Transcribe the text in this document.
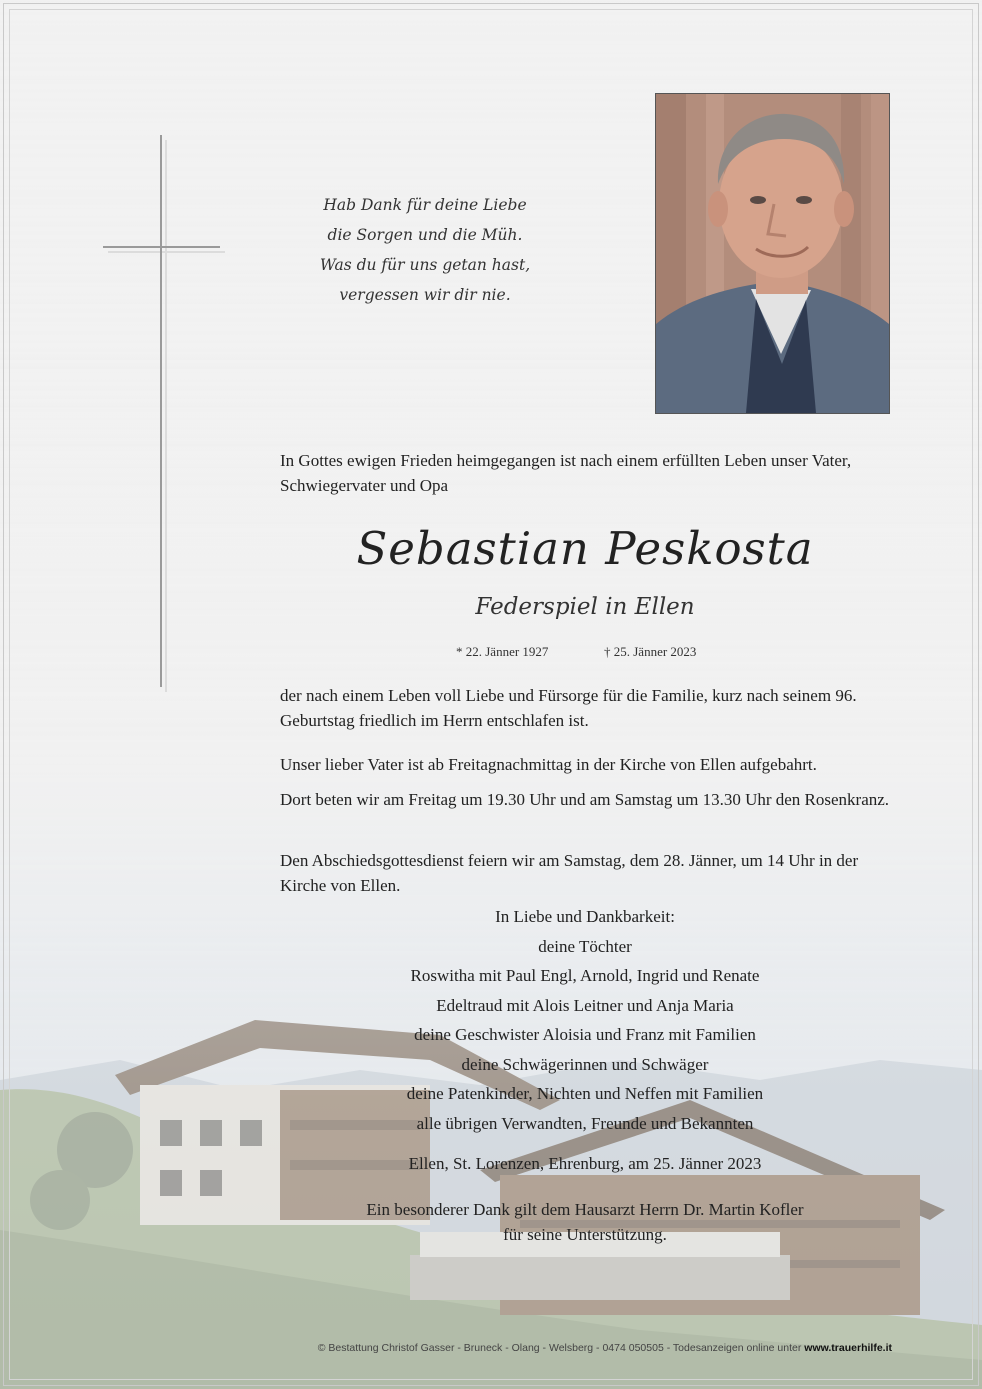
Hab Dank für deine Liebe
die Sorgen und die Müh.
Was du für uns getan hast,
vergessen wir dir nie.
In Gottes ewigen Frieden heimgegangen ist nach einem erfüllten Leben unser Vater, Schwiegervater und Opa
Sebastian Peskosta
Federspiel in Ellen
* 22. Jänner 1927	† 25. Jänner 2023
der nach einem Leben voll Liebe und Fürsorge für die Familie, kurz nach seinem 96. Geburtstag friedlich im Herrn entschlafen ist.
Unser lieber Vater ist ab Freitagnachmittag in der Kirche von Ellen aufgebahrt.
Dort beten wir am Freitag um 19.30 Uhr und am Samstag um 13.30 Uhr den Rosenkranz.
Den Abschiedsgottesdienst feiern wir am Samstag, dem 28. Jänner, um 14 Uhr in der Kirche von Ellen.
In Liebe und Dankbarkeit:
deine Töchter
Roswitha mit Paul Engl, Arnold, Ingrid und Renate
Edeltraud mit Alois Leitner und Anja Maria
deine Geschwister Aloisia und Franz mit Familien
deine Schwägerinnen und Schwäger
deine Patenkinder, Nichten und Neffen mit Familien
alle übrigen Verwandten, Freunde und Bekannten
Ellen, St. Lorenzen, Ehrenburg, am 25. Jänner 2023
Ein besonderer Dank gilt dem Hausarzt Herrn Dr. Martin Kofler
für seine Unterstützung.
© Bestattung Christof Gasser - Bruneck - Olang - Welsberg - 0474 050505 - Todesanzeigen online unter www.trauerhilfe.it
